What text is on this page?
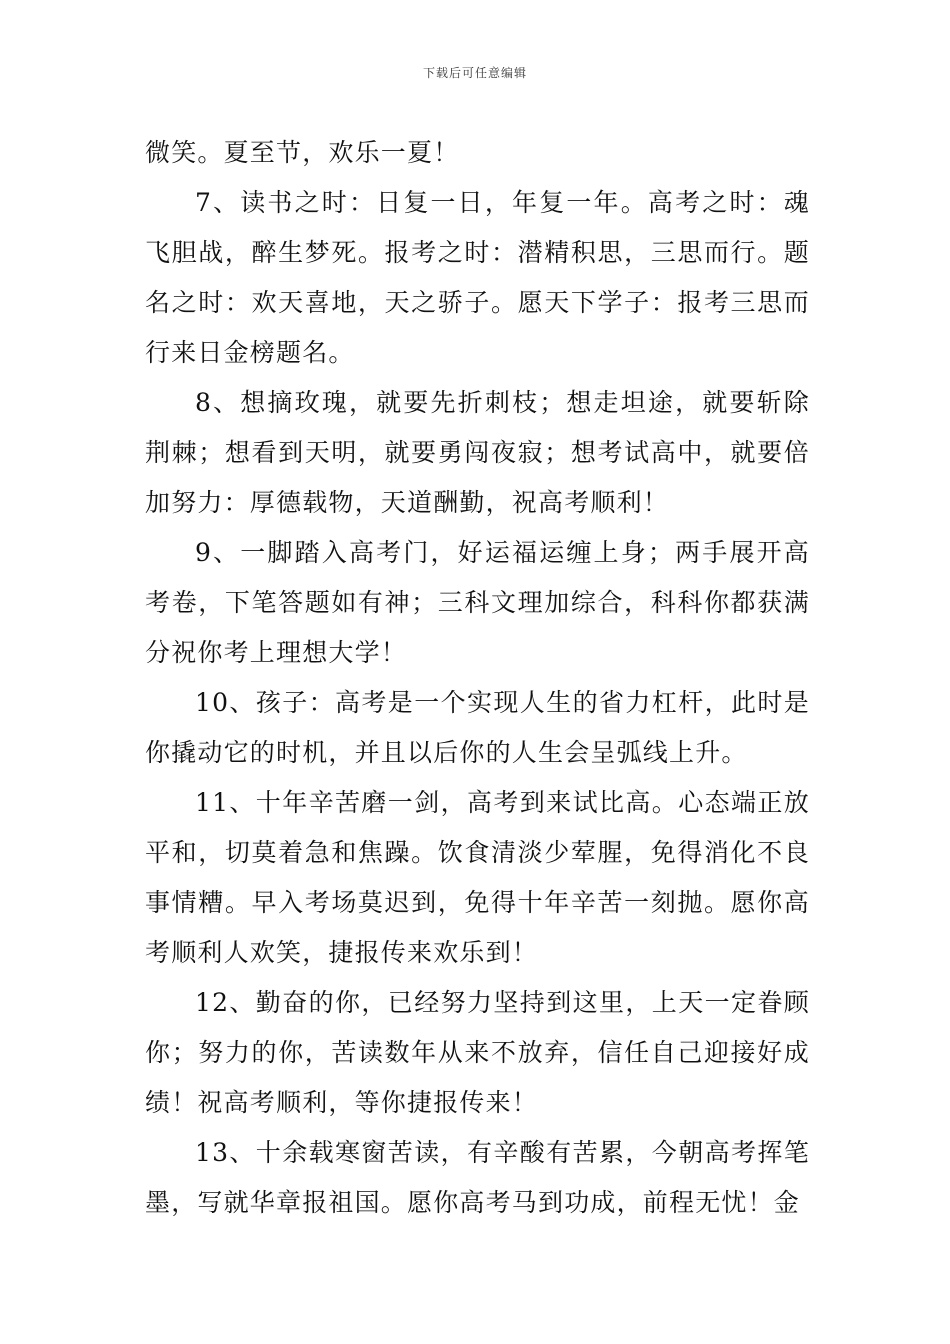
下载后可任意编辑

微笑。夏至节，欢乐一夏！

7、读书之时：日复一日，年复一年。高考之时：魂飞胆战，醉生梦死。报考之时：潜精积思，三思而行。题名之时：欢天喜地，天之骄子。愿天下学子：报考三思而行来日金榜题名。

8、想摘玫瑰，就要先折刺枝；想走坦途，就要斩除荆棘；想看到天明，就要勇闯夜寂；想考试高中，就要倍加努力：厚德载物，天道酬勤，祝高考顺利！

9、一脚踏入高考门，好运福运缠上身；两手展开高考卷，下笔答题如有神；三科文理加综合，科科你都获满分祝你考上理想大学！

10、孩子：高考是一个实现人生的省力杠杆，此时是你撬动它的时机，并且以后你的人生会呈弧线上升。

11、十年辛苦磨一剑，高考到来试比高。心态端正放平和，切莫着急和焦躁。饮食清淡少荤腥，免得消化不良事情糟。早入考场莫迟到，免得十年辛苦一刻抛。愿你高考顺利人欢笑，捷报传来欢乐到！

12、勤奋的你，已经努力坚持到这里，上天一定眷顾你；努力的你，苦读数年从来不放弃，信任自己迎接好成绩！祝高考顺利，等你捷报传来！

13、十余载寒窗苦读，有辛酸有苦累，今朝高考挥笔墨，写就华章报祖国。愿你高考马到功成，前程无忧！金
